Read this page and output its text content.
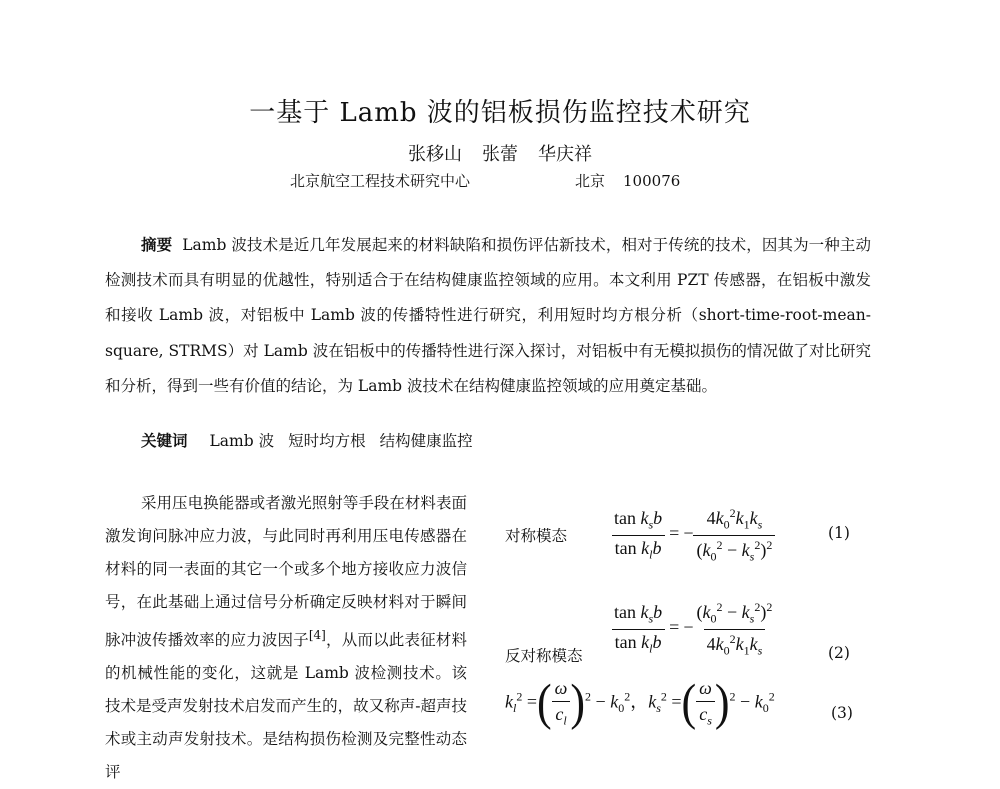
一基于 Lamb 波的铝板损伤监控技术研究
张移山 张蕾 华庆祥
北京航空工程技术研究中心	北京 100076
摘要 Lamb 波技术是近几年发展起来的材料缺陷和损伤评估新技术，相对于传统的技术，因其为一种主动检测技术而具有明显的优越性，特别适合于在结构健康监控领域的应用。本文利用 PZT 传感器，在铝板中激发和接收 Lamb 波，对铝板中 Lamb 波的传播特性进行研究，利用短时均方根分析（short-time-root-mean-square, STRMS）对 Lamb 波在铝板中的传播特性进行深入探讨，对铝板中有无模拟损伤的情况做了对比研究和分析，得到一些有价值的结论，为 Lamb 波技术在结构健康监控领域的应用奠定基础。
关键词 Lamb 波 短时均方根 结构健康监控

采用压电换能器或者激光照射等手段在材料表面激发询问脉冲应力波，与此同时再利用压电传感器在材料的同一表面的其它一个或多个地方接收应力波信号，在此基础上通过信号分析确定反映材料对于瞬间脉冲波传播效率的应力波因子[4]，从而以此表征材料的机械性能的变化，这就是 Lamb 波检测技术。该技术是受声发射技术启发而产生的，故又称声-超声技术或主动声发射技术。是结构损伤检测及完整性动态评

对称模态 $\frac{\tan k_sb}{\tan k_lb}$ = − $\frac{4k_0^2k_1k_s}{(k_0^2 - k_s^2)^2}$	(1)
$\frac{\tan k_sb}{\tan k_lb}$ = − $\frac{(k_0^2 - k_s^2)^2}{4k_0^2k_1k_s}$
反对称模态	(2)
$k_l^2$ =( $\frac{\omega}{c_l} )^2 - k_0^2$，$k_s^2$ =( $\frac{\omega}{c_s} )^2 - k_0^2$
(3)
